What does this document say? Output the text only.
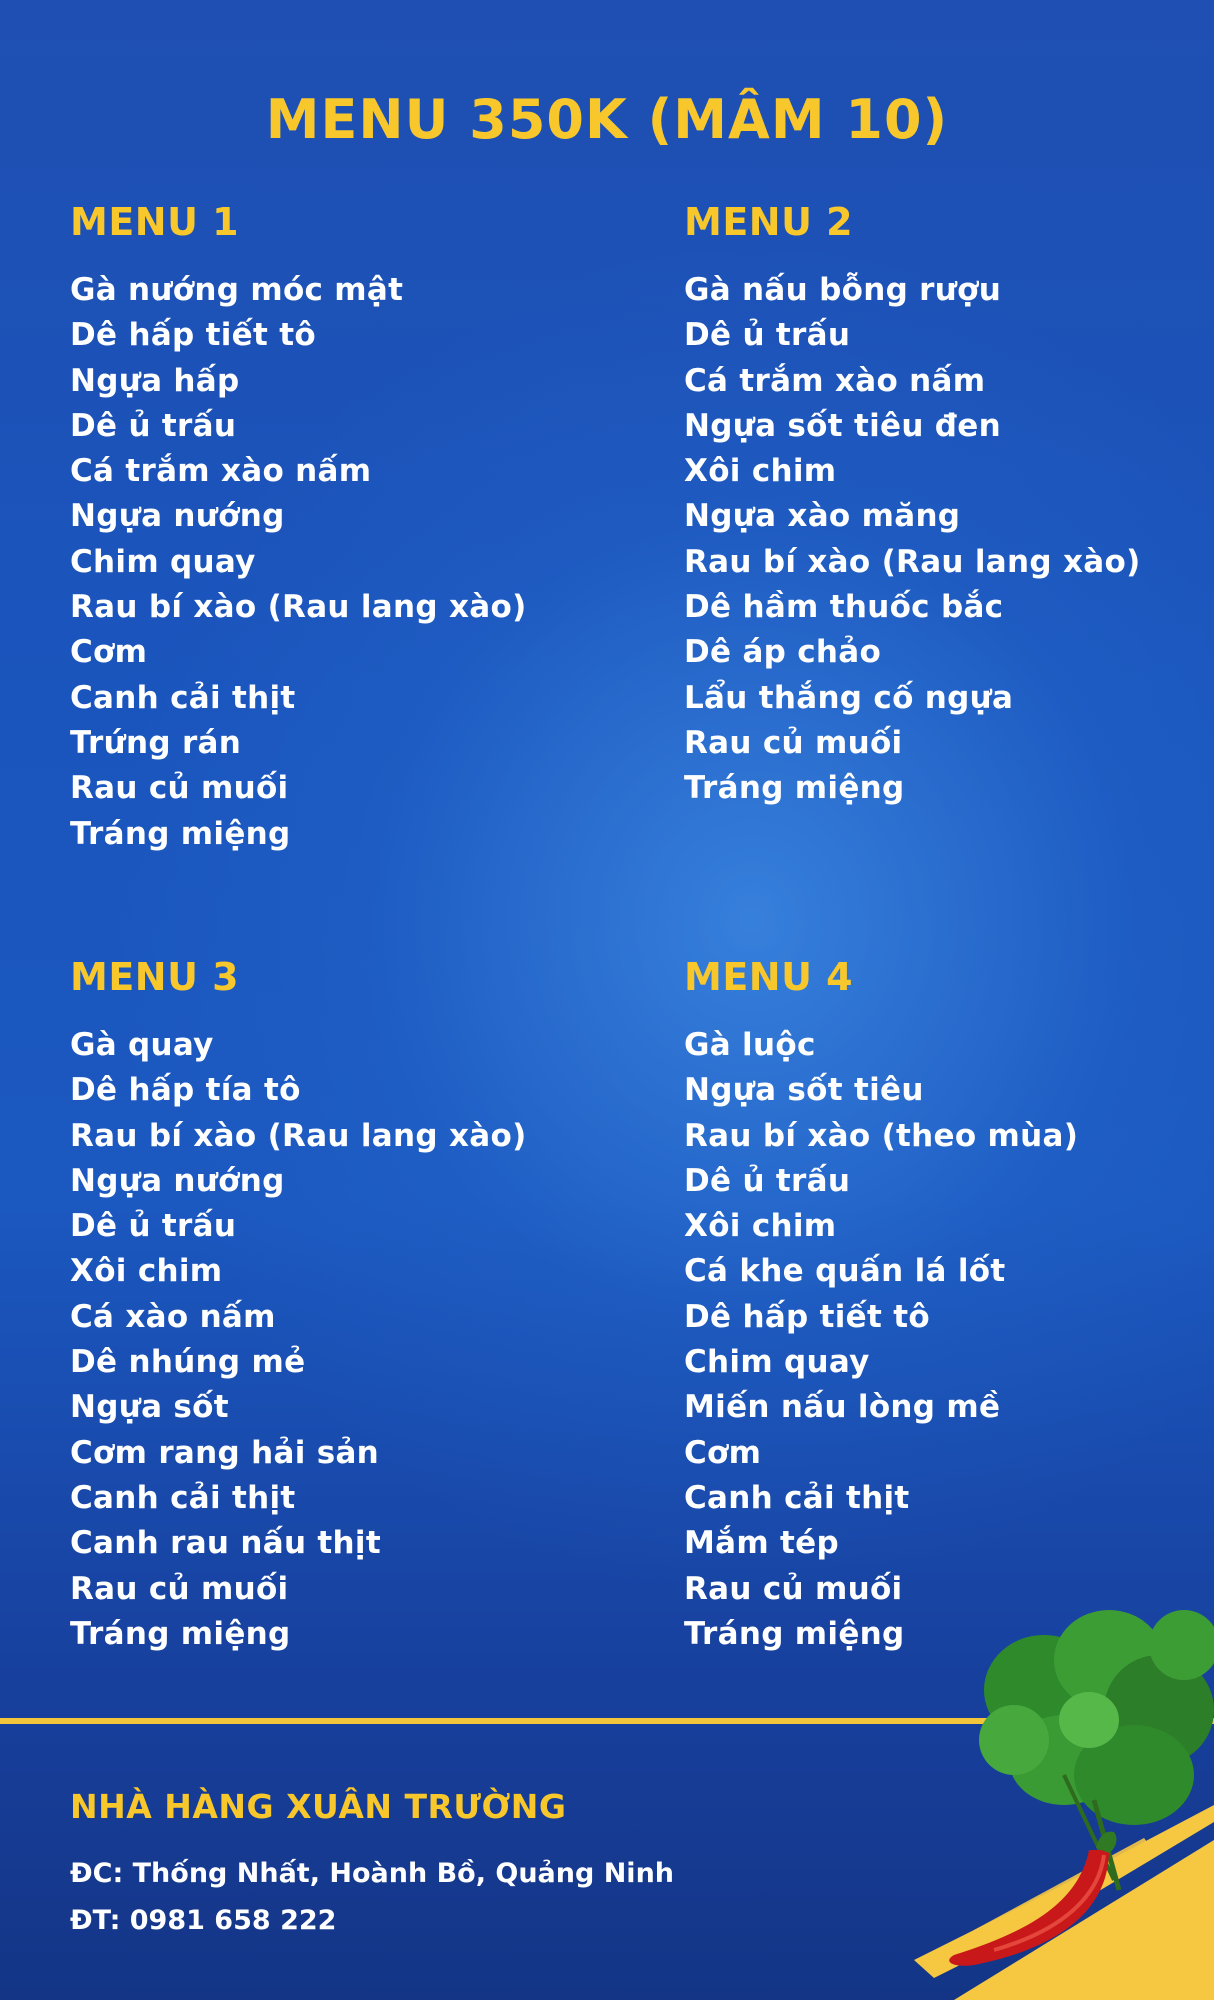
MENU 350K (MÂM 10)
MENU 1
Gà nướng móc mật
Dê hấp tiết tô
Ngựa hấp
Dê ủ trấu
Cá trắm xào nấm
Ngựa nướng
Chim quay
Rau bí xào (Rau lang xào)
Cơm
Canh cải thịt
Trứng rán
Rau củ muối
Tráng miệng
MENU 2
Gà nấu bỗng rượu
Dê ủ trấu
Cá trắm xào nấm
Ngựa sốt tiêu đen
Xôi chim
Ngựa xào măng
Rau bí xào (Rau lang xào)
Dê hầm thuốc bắc
Dê áp chảo
Lẩu thắng cố ngựa
Rau củ muối
Tráng miệng
MENU 3
Gà quay
Dê hấp tía tô
Rau bí xào (Rau lang xào)
Ngựa nướng
Dê ủ trấu
Xôi chim
Cá xào nấm
Dê nhúng mẻ
Ngựa sốt
Cơm rang hải sản
Canh cải thịt
Canh rau nấu thịt
Rau củ muối
Tráng miệng
MENU 4
Gà luộc
Ngựa sốt tiêu
Rau bí xào (theo mùa)
Dê ủ trấu
Xôi chim
Cá khe quấn lá lốt
Dê hấp tiết tô
Chim quay
Miến nấu lòng mề
Cơm
Canh cải thịt
Mắm tép
Rau củ muối
Tráng miệng
NHÀ HÀNG XUÂN TRƯỜNG

ĐC: Thống Nhất, Hoành Bồ, Quảng Ninh

ĐT: 0981 658 222
